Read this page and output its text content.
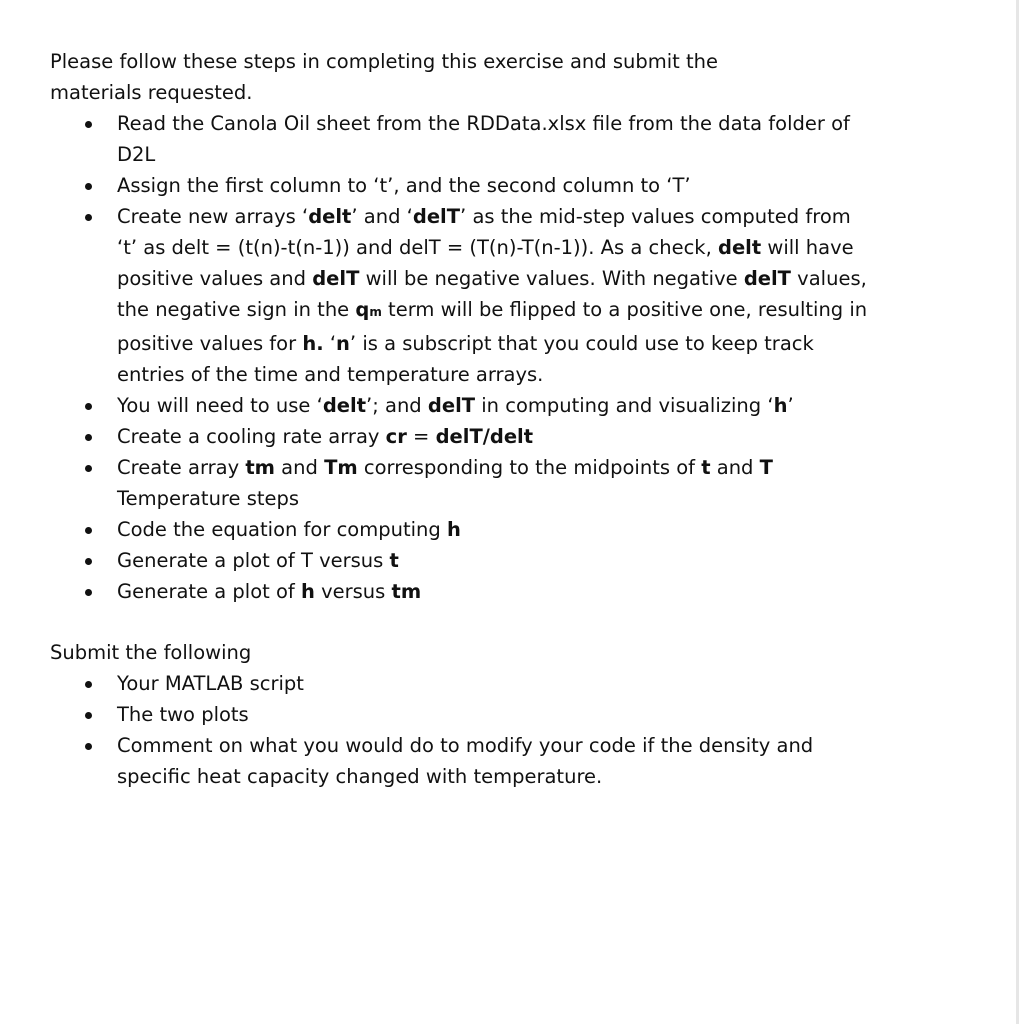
Please follow these steps in completing this exercise and submit the materials requested.

Read the Canola Oil sheet from the RDData.xlsx file from the data folder of D2L
Assign the first column to ‘t’, and the second column to ‘T’
Create new arrays ‘delt’ and ‘delT’ as the mid-step values computed from ‘t’ as delt = (t(n)-t(n-1)) and delT = (T(n)-T(n-1)). As a check, delt will have positive values and delT will be negative values. With negative delT values, the negative sign in the qm term will be flipped to a positive one, resulting in positive values for h. ‘n’ is a subscript that you could use to keep track entries of the time and temperature arrays.
You will need to use ‘delt’; and delT in computing and visualizing ‘h’
Create a cooling rate array cr = delT/delt
Create array tm and Tm corresponding to the midpoints of t and T Temperature steps
Code the equation for computing h
Generate a plot of T versus t
Generate a plot of h versus tm

Submit the following

Your MATLAB script
The two plots
Comment on what you would do to modify your code if the density and specific heat capacity changed with temperature.
